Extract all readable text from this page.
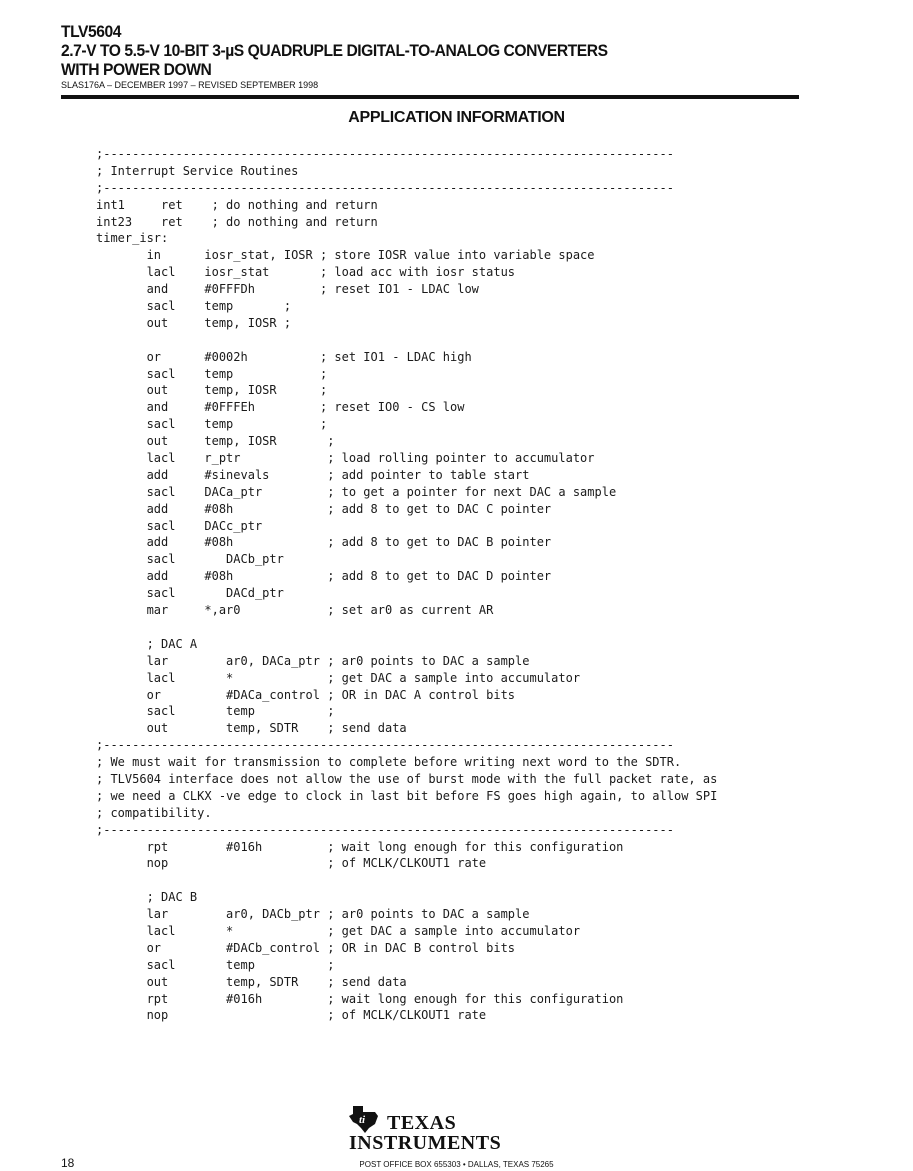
TLV5604
2.7-V TO 5.5-V 10-BIT 3-µS QUADRUPLE DIGITAL-TO-ANALOG CONVERTERS
WITH POWER DOWN
SLAS176A – DECEMBER 1997 – REVISED SEPTEMBER 1998
APPLICATION INFORMATION
;-------------------------------------------------------------------------------
; Interrupt Service Routines
;-------------------------------------------------------------------------------
int1     ret    ; do nothing and return
int23    ret    ; do nothing and return
timer_isr:
in      iosr_stat, IOSR ; store IOSR value into variable space
lacl    iosr_stat       ; load acc with iosr status
and     #0FFFDh         ; reset IO1 - LDAC low
sacl    temp       ;
out     temp, IOSR ;
or      #0002h          ; set IO1 - LDAC high
sacl    temp            ;
out     temp, IOSR      ;
and     #0FFFEh         ; reset IO0 - CS low
sacl    temp            ;
out     temp, IOSR       ;
lacl    r_ptr            ; load rolling pointer to accumulator
add     #sinevals        ; add pointer to table start
sacl    DACa_ptr         ; to get a pointer for next DAC a sample
add     #08h             ; add 8 to get to DAC C pointer
sacl    DACc_ptr
add     #08h             ; add 8 to get to DAC B pointer
sacl       DACb_ptr
add     #08h             ; add 8 to get to DAC D pointer
sacl       DACd_ptr
mar     *,ar0            ; set ar0 as current AR
; DAC A
lar        ar0, DACa_ptr ; ar0 points to DAC a sample
lacl       *             ; get DAC a sample into accumulator
or         #DACa_control ; OR in DAC A control bits
sacl       temp          ;
out        temp, SDTR    ; send data
;-------------------------------------------------------------------------------
; We must wait for transmission to complete before writing next word to the SDTR.
; TLV5604 interface does not allow the use of burst mode with the full packet rate, as
; we need a CLKX -ve edge to clock in last bit before FS goes high again, to allow SPI
; compatibility.
;-------------------------------------------------------------------------------
rpt        #016h         ; wait long enough for this configuration
nop                      ; of MCLK/CLKOUT1 rate
; DAC B
lar        ar0, DACb_ptr ; ar0 points to DAC a sample
lacl       *             ; get DAC a sample into accumulator
or         #DACb_control ; OR in DAC B control bits
sacl       temp          ;
out        temp, SDTR    ; send data
rpt        #016h         ; wait long enough for this configuration
nop                      ; of MCLK/CLKOUT1 rate
ti TEXAS
INSTRUMENTS
POST OFFICE BOX 655303 • DALLAS, TEXAS 75265
18
